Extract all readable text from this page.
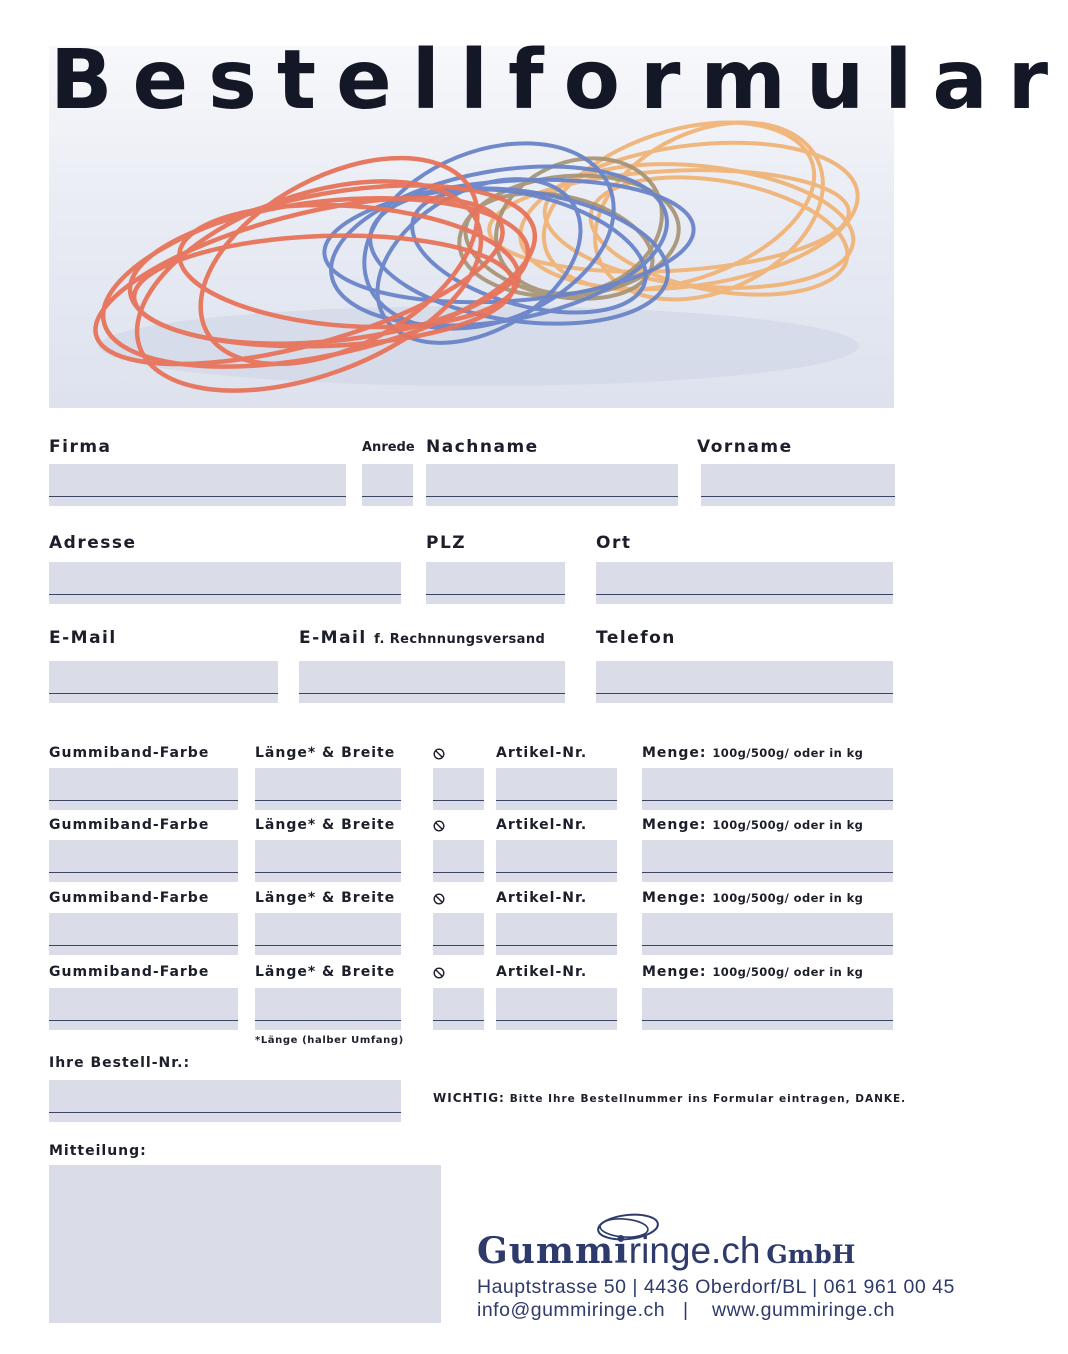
Bestellformular
Firma	Anrede Nachname	Vorname
Adresse	PLZ	Ort
E-Mail	E-Mail f. Rechnnungsversand	Telefon
Gummiband-Farbe	Länge* & Breite	Artikel-Nr.	Menge: 100g/500g/ oder in kg
Gummiband-Farbe	Länge* & Breite	Artikel-Nr.	Menge: 100g/500g/ oder in kg
Gummiband-Farbe	Länge* & Breite	Artikel-Nr.	Menge: 100g/500g/ oder in kg
Gummiband-Farbe	Länge* & Breite	Artikel-Nr.	Menge: 100g/500g/ oder in kg
*Länge (halber Umfang)
Ihre Bestell-Nr.:
WICHTIG: Bitte Ihre Bestellnummer ins Formular eintragen, DANKE.
Mitteilung:
Gummiringe.ch GmbH
Hauptstrasse 50 | 4436 Oberdorf/BL | 061 961 00 45
info@gummiringe.ch | www.gummiringe.ch
